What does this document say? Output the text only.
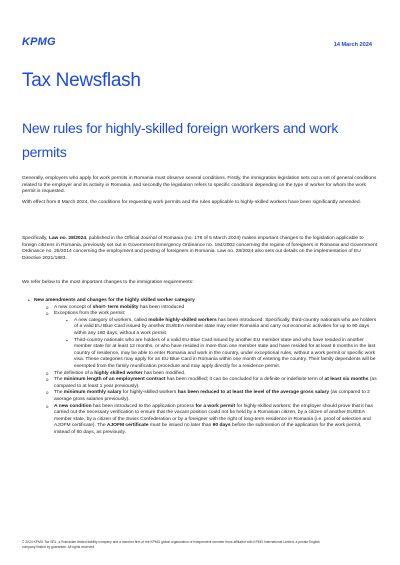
KPMG	14 March 2024
Tax Newsflash
New rules for highly-skilled foreign workers and work permits

Generally, employers who apply for work permits in Romania must observe several conditions. Firstly, the immigration legislation sets out a set of general conditions related to the employer and its activity in Romania, and secondly the legislation refers to specific conditions depending on the type of worker for whom the work permit is requested.

With effect from 8 March 2024, the conditions for requesting work permits and the rules applicable to highly-skilled workers have been significantly amended.

Specifically, Law no. 28/2024, published in the Official Journal of Romania (no. 178 of 5 March 2024) makes important changes to the legislation applicable to foreign citizens in Romania, previously set out in Government Emergency Ordinance no. 194/2002 concerning the regime of foreigners in Romania and Government Ordinance no. 25/2014 concerning the employment and posting of foreigners in Romania. Law no. 28/2024 also sets out details on the implementation of EU Directive 2021/1883.

We refer below to the most important changes to the immigration requirements:

• New amendments and changes for the highly skilled worker category
o A new concept of short- term mobility has been introduced
o Exceptions from the work permit:
▪ A new category of workers, called mobile highly-skilled workers has been introduced. Specifically, third-country nationals who are holders of a valid EU Blue Card issued by another EU/EEA member state may enter Romania and carry out economic activities for up to 90 days within any 180 days, without a work permit.
▪ Third-country nationals who are holders of a valid EU Blue Card issued by another EU member state and who have resided in another member state for at least 12 months, or who have resided in more than one member state and have resided for at least 6 months in the last country of residence, may be able to enter Romania and work in the country, under exceptional rules, without a work permit or specific work visa. These categories may apply for an EU Blue Card in Romania within one month of entering the country. Their family dependents will be exempted from the family reunification procedure and may apply directly for a residence permit.
o The definition of a highly skilled worker has been modified.
o The minimum length of an employment contract has been modified; it can be concluded for a definite or indefinite term of at least six months (as compared to at least 1 year previously).
o The minimum monthly salary for highly-skilled workers has been reduced to at least the level of the average gross salary (as compared to 2 average gross salaries previously).
o A new condition has been introduced to the application process for a work permit for highly-skilled workers; the employer should prove that it has carried out the necessary verification to ensure that the vacant position could not be held by a Romanian citizen, by a citizen of another EU/EEA member state, by a citizen of the Swiss Confederation or by a foreigner with the right of long-term residence in Romania (i.e. proof of selection and AJOFM certificate). The AJOFM certificate must be issued no later than 90 days before the submission of the application for the work permit, instead of 60 days, as previously.
© 2024 KPMG Tax SRL, a Romanian limited liability company and a member firm of the KPMG global organization of independent member firms affiliated with KPMG International Limited, a private English company limited by guarantee. All rights reserved.
